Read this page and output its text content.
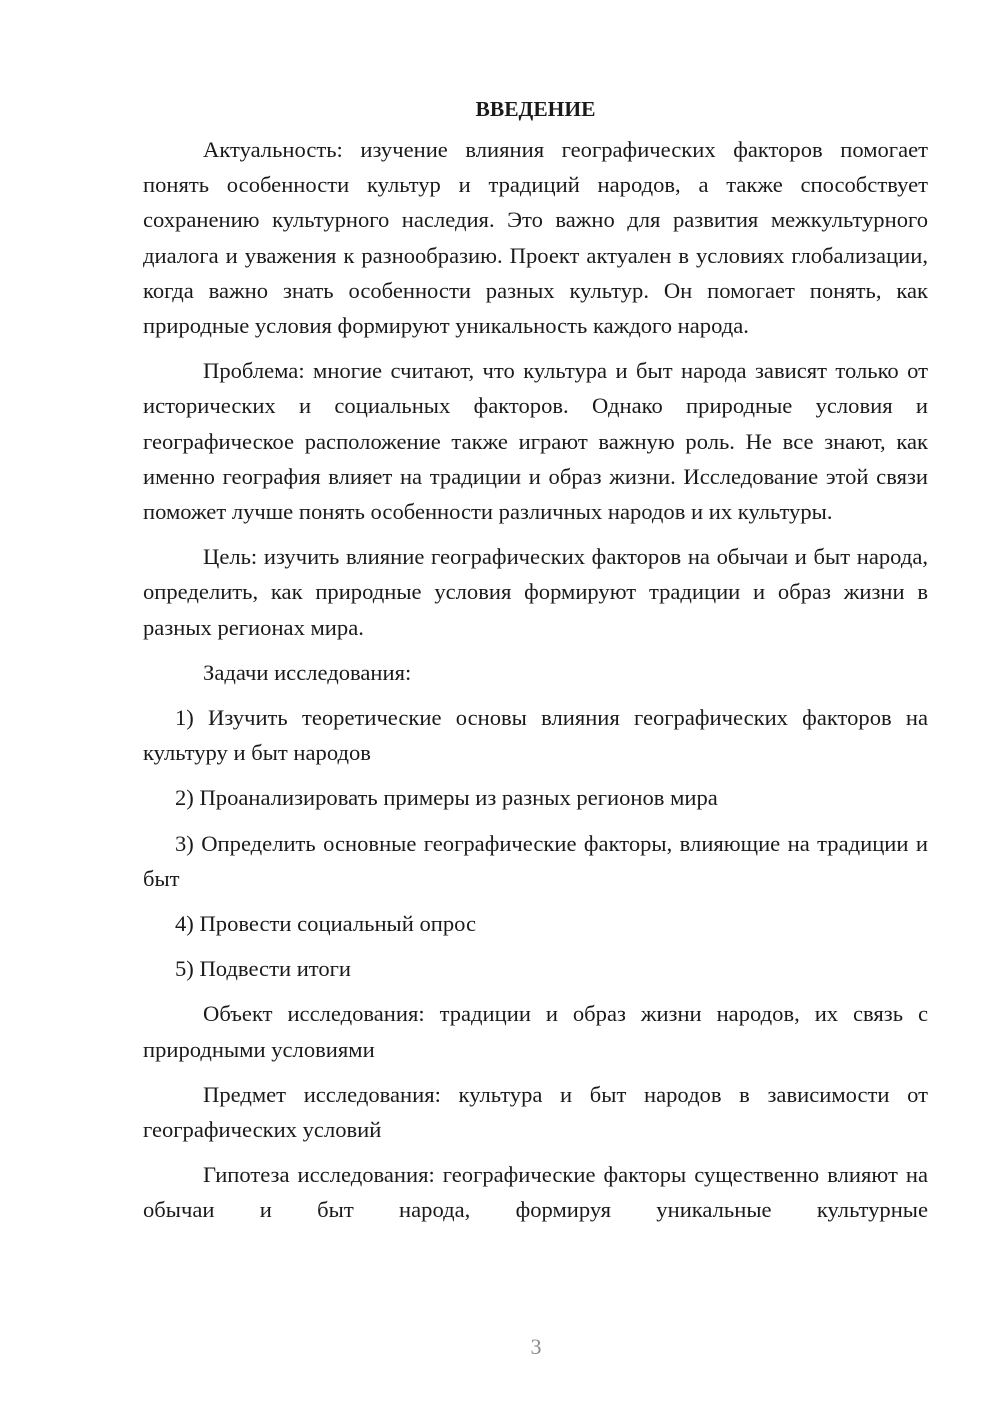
ВВЕДЕНИЕ

Актуальность: изучение влияния географических факторов помогает понять особенности культур и традиций народов, а также способствует сохранению культурного наследия. Это важно для развития межкультурного диалога и уважения к разнообразию. Проект актуален в условиях глобализации, когда важно знать особенности разных культур. Он помогает понять, как природные условия формируют уникальность каждого народа.

Проблема: многие считают, что культура и быт народа зависят только от исторических и социальных факторов. Однако природные условия и географическое расположение также играют важную роль. Не все знают, как именно география влияет на традиции и образ жизни. Исследование этой связи поможет лучше понять особенности различных народов и их культуры.

Цель: изучить влияние географических факторов на обычаи и быт народа, определить, как природные условия формируют традиции и образ жизни в разных регионах мира.

Задачи исследования:

1) Изучить теоретические основы влияния географических факторов на культуру и быт народов

2) Проанализировать примеры из разных регионов мира

3) Определить основные географические факторы, влияющие на традиции и быт

4) Провести социальный опрос

5) Подвести итоги

Объект исследования: традиции и образ жизни народов, их связь с природными условиями

Предмет исследования: культура и быт народов в зависимости от географических условий

Гипотеза исследования: географические факторы существенно влияют на обычаи и быт народа, формируя уникальные культурные

3
